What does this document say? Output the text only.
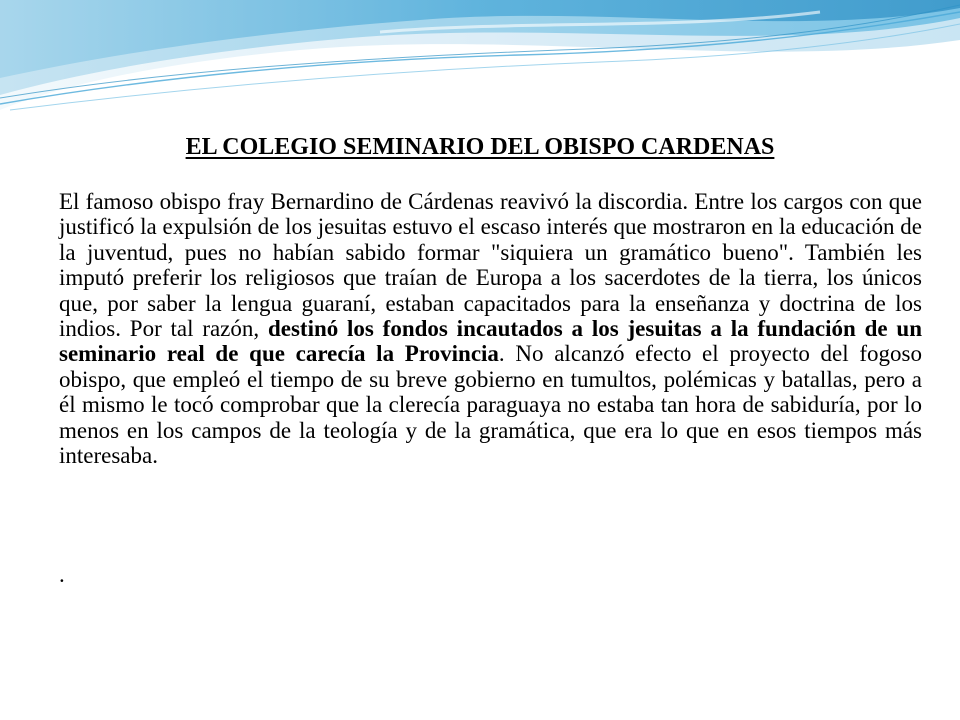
EL COLEGIO SEMINARIO DEL OBISPO CARDENAS

El famoso obispo fray Bernardino de Cárdenas reavivó la discordia. Entre los cargos con que justificó la expulsión de los jesuitas estuvo el escaso interés que mostraron en la educación de la juventud, pues no habían sabido formar "siquiera un gramático bueno". También les imputó preferir los religiosos que traían de Europa a los sacerdotes de la tierra, los únicos que, por saber la lengua guaraní, estaban capacitados para la enseñanza y doctrina de los indios. Por tal razón, destinó los fondos incautados a los jesuitas a la fundación de un seminario real de que carecía la Provincia. No alcanzó efecto el proyecto del fogoso obispo, que empleó el tiempo de su breve gobierno en tumultos, polémicas y batallas, pero a él mismo le tocó comprobar que la clerecía paraguaya no estaba tan hora de sabiduría, por lo menos en los campos de la teología y de la gramática, que era lo que en esos tiempos más interesaba.

.
